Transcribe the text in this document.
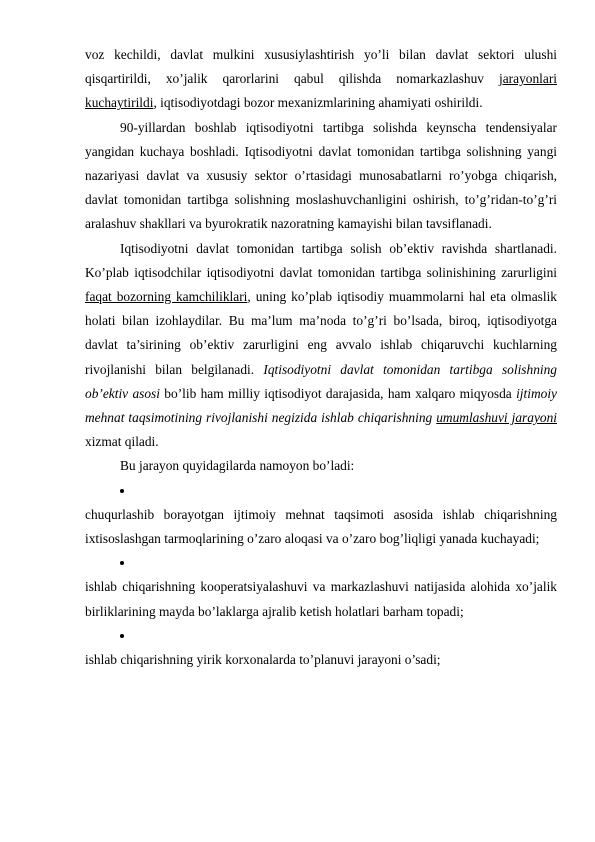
voz kechildi, davlat mulkini xususiylashtirish yo’li bilan davlat sektori ulushi qisqartirildi, xo’jalik qarorlarini qabul qilishda nomarkazlashuv jarayonlari kuchaytirildi, iqtisodiyotdagi bozor mexanizmlarining ahamiyati oshirildi.

90-yillardan boshlab iqtisodiyotni tartibga solishda keynscha tendensiyalar yangidan kuchaya boshladi. Iqtisodiyotni davlat tomonidan tartibga solishning yangi nazariyasi davlat va xususiy sektor o’rtasidagi munosabatlarni ro’yobga chiqarish, davlat tomonidan tartibga solishning moslashuvchanligini oshirish, to’g’ridan-to’g’ri aralashuv shakllari va byurokratik nazoratning kamayishi bilan tavsiflanadi.

Iqtisodiyotni davlat tomonidan tartibga solish ob’ektiv ravishda shartlanadi. Ko’plab iqtisodchilar iqtisodiyotni davlat tomonidan tartibga solinishining zarurligini faqat bozorning kamchiliklari, uning ko’plab iqtisodiy muammolarni hal eta olmaslik holati bilan izohlaydilar. Bu ma’lum ma’noda to’g’ri bo’lsada, biroq, iqtisodiyotga davlat ta’sirining ob’ektiv zarurligini eng avvalo ishlab chiqaruvchi kuchlarning rivojlanishi bilan belgilanadi. Iqtisodiyotni davlat tomonidan tartibga solishning ob’ektiv asosi bo’lib ham milliy iqtisodiyot darajasida, ham xalqaro miqyosda ijtimoiy mehnat taqsimotining rivojlanishi negizida ishlab chiqarishning umumlashuvi jarayoni xizmat qiladi.

Bu jarayon quyidagilarda namoyon bo’ladi:

chuqurlashib borayotgan ijtimoiy mehnat taqsimoti asosida ishlab chiqarishning ixtisoslashgan tarmoqlarining o’zaro aloqasi va o’zaro bog’liqligi yanada kuchayadi;

ishlab chiqarishning kooperatsiyalashuvi va markazlashuvi natijasida alohida xo’jalik birliklarining mayda bo’laklarga ajralib ketish holatlari barham topadi;

ishlab chiqarishning yirik korxonalarda to’planuvi jarayoni o’sadi;
